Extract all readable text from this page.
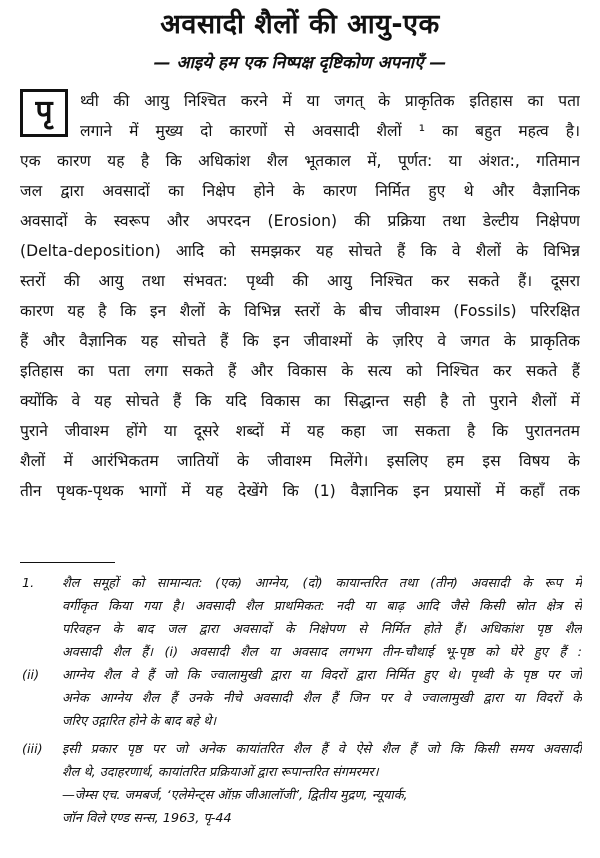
अवसादी शैलों की आयु-एक
— आइये हम एक निष्पक्ष दृष्टिकोण अपनाएँ —
पृ	थ्वी की आयु निश्चित करने में या जगत् के प्राकृतिक इतिहास का पता
लगाने में मुख्य दो कारणों से अवसादी शैलों ¹ का बहुत महत्व है।
एक कारण यह है कि अधिकांश शैल भूतकाल में, पूर्णत: या अंशत:, गतिमान
जल द्वारा अवसादों का निक्षेप होने के कारण निर्मित हुए थे और वैज्ञानिक
अवसादों के स्वरूप और अपरदन (Erosion) की प्रक्रिया तथा डेल्टीय निक्षेपण
(Delta-deposition) आदि को समझकर यह सोचते हैं कि वे शैलों के विभिन्न
स्तरों की आयु तथा संभवत: पृथ्वी की आयु निश्चित कर सकते हैं। दूसरा
कारण यह है कि इन शैलों के विभिन्न स्तरों के बीच जीवाश्म (Fossils) परिरक्षित
हैं और वैज्ञानिक यह सोचते हैं कि इन जीवाश्मों के ज़रिए वे जगत के प्राकृतिक
इतिहास का पता लगा सकते हैं और विकास के सत्य को निश्चित कर सकते हैं
क्योंकि वे यह सोचते हैं कि यदि विकास का सिद्धान्त सही है तो पुराने शैलों में
पुराने जीवाश्म होंगे या दूसरे शब्दों में यह कहा जा सकता है कि पुरातनतम
शैलों में आरंभिकतम जातियों के जीवाश्म मिलेंगे। इसलिए हम इस विषय के
तीन पृथक-पृथक भागों में यह देखेंगे कि (1) वैज्ञानिक इन प्रयासों में कहाँ तक
1. शैल समूहों को सामान्यत: (एक) आग्नेय, (दो) कायान्तरित तथा (तीन) अवसादी के रूप में
वर्गीकृत किया गया है। अवसादी शैल प्राथमिकत: नदी या बाढ़ आदि जैसे किसी स्रोत क्षेत्र से
परिवहन के बाद जल द्वारा अवसादों के निक्षेपण से निर्मित होते हैं। अधिकांश पृष्ठ शैल
अवसादी शैल हैं। (i) अवसादी शैल या अवसाद लगभग तीन-चौथाई भू-पृष्ठ को घेरे हुए हैं :
(ii) आग्नेय शैल वे हैं जो कि ज्वालामुखी द्वारा या विदरों द्वारा निर्मित हुए थे। पृथ्वी के पृष्ठ पर जो
अनेक आग्नेय शैल हैं उनके नीचे अवसादी शैल हैं जिन पर वे ज्वालामुखी द्वारा या विदरों के
जरिए उद्गारित होने के बाद बहे थे।
(iii) इसी प्रकार पृष्ठ पर जो अनेक कायांतरित शैल हैं वे ऐसे शैल हैं जो कि किसी समय अवसादी
शैल थे, उदाहरणार्थ, कायांतरित प्रक्रियाओं द्वारा रूपान्तरित संगमरमर।
—जेम्स एच. जमबर्ज, ‘एलेमेन्ट्स ऑफ़ जीआलॉजी’, द्वितीय मुद्रण, न्यूयार्क,
जॉन विले एण्ड सन्स, 1963, पृ-44
